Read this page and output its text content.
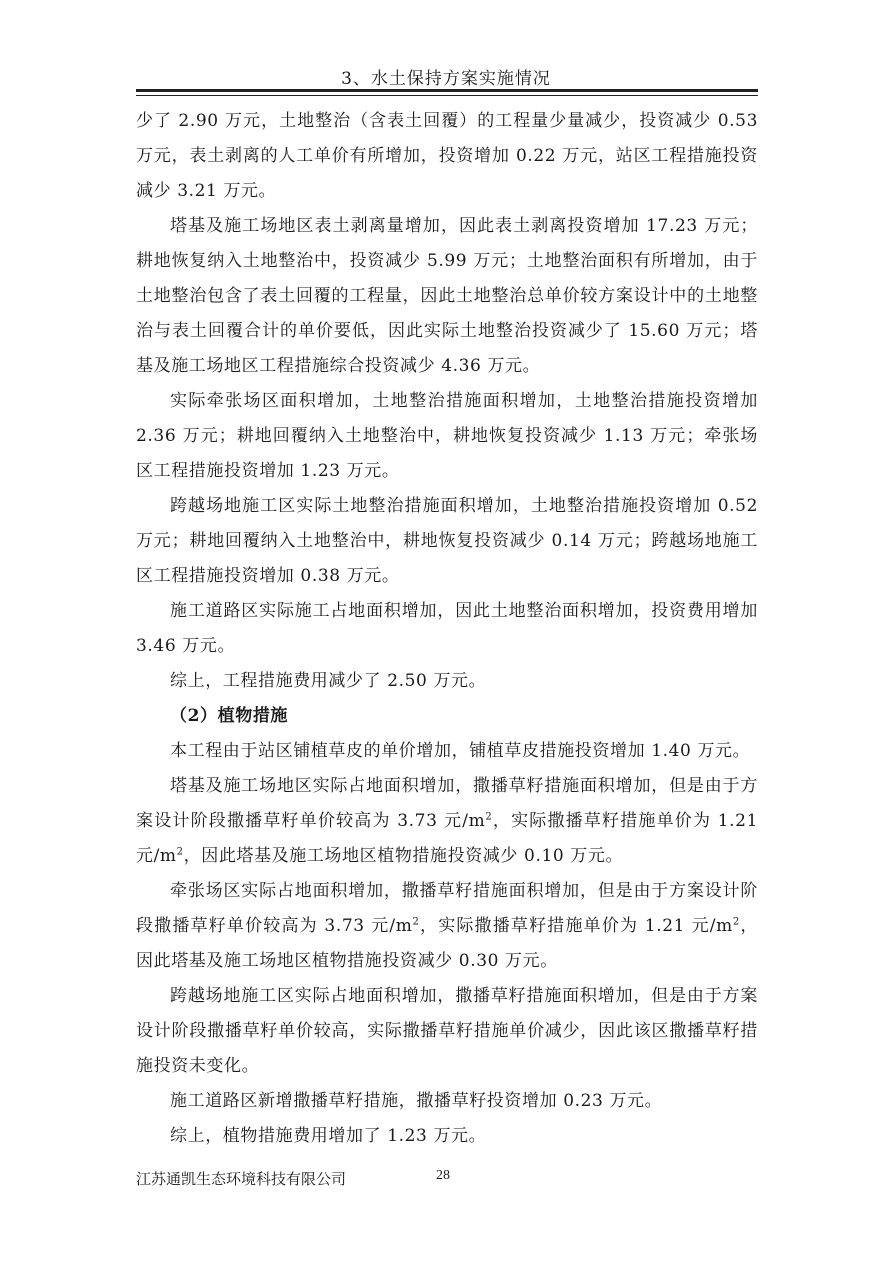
3、水土保持方案实施情况

少了 2.90 万元，土地整治（含表土回覆）的工程量少量减少，投资减少 0.53 万元，表土剥离的人工单价有所增加，投资增加 0.22 万元，站区工程措施投资减少 3.21 万元。

塔基及施工场地区表土剥离量增加，因此表土剥离投资增加 17.23 万元；耕地恢复纳入土地整治中，投资减少 5.99 万元；土地整治面积有所增加，由于土地整治包含了表土回覆的工程量，因此土地整治总单价较方案设计中的土地整治与表土回覆合计的单价要低，因此实际土地整治投资减少了 15.60 万元；塔基及施工场地区工程措施综合投资减少 4.36 万元。

实际牵张场区面积增加，土地整治措施面积增加，土地整治措施投资增加 2.36 万元；耕地回覆纳入土地整治中，耕地恢复投资减少 1.13 万元；牵张场区工程措施投资增加 1.23 万元。

跨越场地施工区实际土地整治措施面积增加，土地整治措施投资增加 0.52 万元；耕地回覆纳入土地整治中，耕地恢复投资减少 0.14 万元；跨越场地施工区工程措施投资增加 0.38 万元。

施工道路区实际施工占地面积增加，因此土地整治面积增加，投资费用增加 3.46 万元。

综上，工程措施费用减少了 2.50 万元。

（2）植物措施

本工程由于站区铺植草皮的单价增加，铺植草皮措施投资增加 1.40 万元。

塔基及施工场地区实际占地面积增加，撒播草籽措施面积增加，但是由于方案设计阶段撒播草籽单价较高为 3.73 元$/m^2$，实际撒播草籽措施单价为 1.21 元$/m^2$，因此塔基及施工场地区植物措施投资减少 0.10 万元。

牵张场区实际占地面积增加，撒播草籽措施面积增加，但是由于方案设计阶段撒播草籽单价较高为 3.73 元$/m^2$，实际撒播草籽措施单价为 1.21 元$/m^2$，因此塔基及施工场地区植物措施投资减少 0.30 万元。

跨越场地施工区实际占地面积增加，撒播草籽措施面积增加，但是由于方案设计阶段撒播草籽单价较高，实际撒播草籽措施单价减少，因此该区撒播草籽措施投资未变化。

施工道路区新增撒播草籽措施，撒播草籽投资增加 0.23 万元。

综上，植物措施费用增加了 1.23 万元。

江苏通凯生态环境科技有限公司	28
